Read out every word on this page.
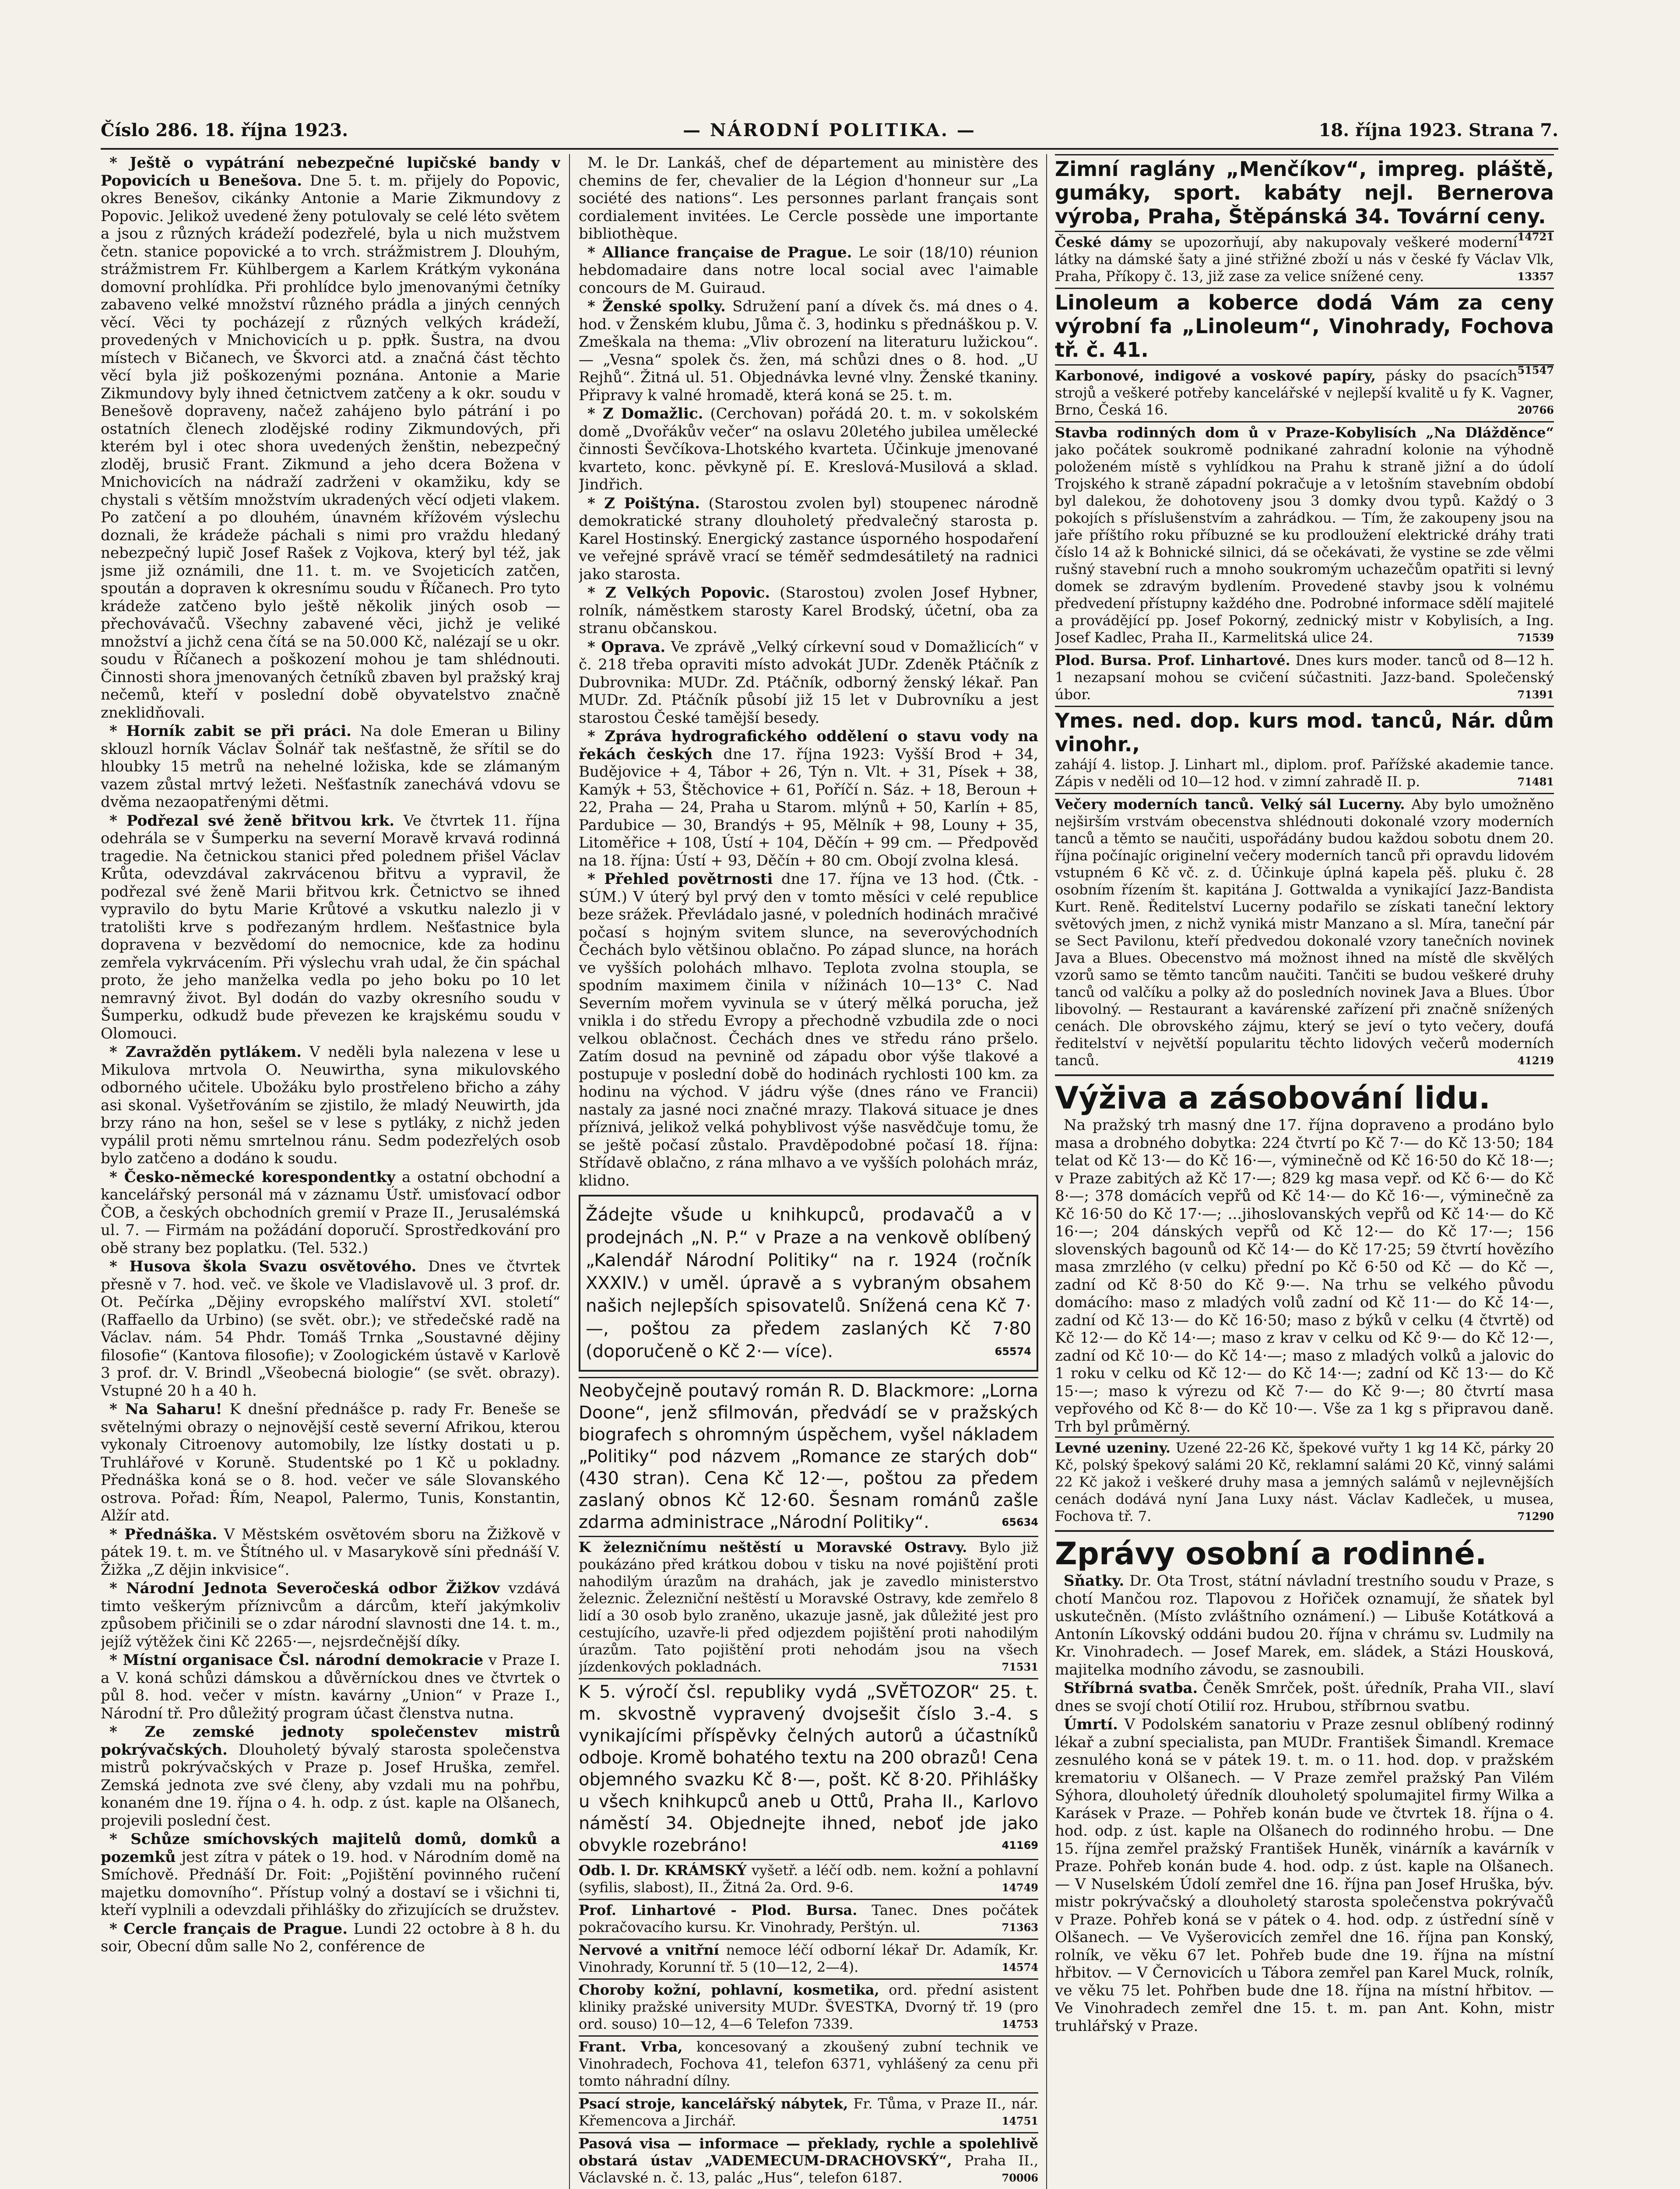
Číslo 286. 18. října 1923.	— NÁRODNÍ POLITIKA. —	18. října 1923. Strana 7.

* Ještě o vypátrání nebezpečné lupičské bandy v Popovicích u Benešova. Dne 5. t. m. přijely do Popovic, okres Benešov, cikánky Antonie a Marie Zikmundovy z Popovic. Jelikož uvedené ženy potulovaly se celé léto světem a jsou z různých krádeží podezřelé, byla u nich mužstvem četn. stanice popovické a to vrch. strážmistrem J. Dlouhým, strážmistrem Fr. Kühlbergem a Karlem Krátkým vykonána domovní prohlídka. Při prohlídce bylo jmenovanými četníky zabaveno velké množství různého prádla a jiných cenných věcí. Věci ty pocházejí z různých velkých krádeží, provedených v Mnichovicích u p. ppłk. Šustra, na dvou místech v Bičanech, ve Škvorci atd. a značná část těchto věcí byla již poškozenými poznána. Antonie a Marie Zikmundovy byly ihned četnictvem zatčeny a k okr. soudu v Benešově dopraveny, načež zahájeno bylo pátrání i po ostatních členech zlodějské rodiny Zikmundových, při kterém byl i otec shora uvedených ženštin, nebezpečný zloděj, brusič Frant. Zikmund a jeho dcera Božena v Mnichovicích na nádraží zadrženi v okamžiku, kdy se chystali s větším množstvím ukradených věcí odjeti vlakem. Po zatčení a po dlouhém, únavném křížovém výslechu doznali, že krádeže páchali s nimi pro vraždu hledaný nebezpečný lupič Josef Rašek z Vojkova, který byl též, jak jsme již oznámili, dne 11. t. m. ve Svojeticích zatčen, spoután a dopraven k okresnímu soudu v Říčanech. Pro tyto krádeže zatčeno bylo ještě několik jiných osob — přechovávačů. Všechny zabavené věci, jichž je veliké množství a jichž cena čítá se na 50.000 Kč, nalézají se u okr. soudu v Říčanech a poškození mohou je tam shlédnouti. Činnosti shora jmenovaných četníků zbaven byl pražský kraj nečemů, kteří v poslední době obyvatelstvo značně zneklidňovali.

* Horník zabit se při práci. Na dole Emeran u Biliny sklouzl horník Václav Šolnář tak nešťastně, že sřítil se do hloubky 15 metrů na nehelné ložiska, kde se zlámaným vazem zůstal mrtvý ležeti. Nešťastník zanechává vdovu se dvěma nezaopatřenými dětmi.

* Podřezal své ženě břitvou krk. Ve čtvrtek 11. října odehrála se v Šumperku na severní Moravě krvavá rodinná tragedie. Na četnickou stanici před polednem přišel Václav Krůta, odevzdával zakrvácenou břitvu a vypravil, že podřezal své ženě Marii břitvou krk. Četnictvo se ihned vypravilo do bytu Marie Krůtové a vskutku nalezlo ji v tratolišti krve s podřezaným hrdlem. Nešťastnice byla dopravena v bezvědomí do nemocnice, kde za hodinu zemřela vykrvácením. Při výslechu vrah udal, že čin spáchal proto, že jeho manželka vedla po jeho boku po 10 let nemravný život. Byl dodán do vazby okresního soudu v Šumperku, odkudž bude převezen ke krajskému soudu v Olomouci.

* Zavražděn pytlákem. V neděli byla nalezena v lese u Mikulova mrtvola O. Neuwirtha, syna mikulovského odborného učitele. Ubožáku bylo prostřeleno břicho a záhy asi skonal. Vyšetřováním se zjistilo, že mladý Neuwirth, jda brzy ráno na hon, sešel se v lese s pytláky, z nichž jeden vypálil proti němu smrtelnou ránu. Sedm podezřelých osob bylo zatčeno a dodáno k soudu.

* Česko-německé korespondentky a ostatní obchodní a kancelářský personál má v záznamu Ústř. umisťovací odbor ČOB, a českých obchodních gremií v Praze II., Jerusalémská ul. 7. — Firmám na požádání doporučí. Sprostředkování pro obě strany bez poplatku. (Tel. 532.)

* Husova škola Svazu osvětového. Dnes ve čtvrtek přesně v 7. hod. več. ve škole ve Vladislavově ul. 3 prof. dr. Ot. Pečírka „Dějiny evropského malířství XVI. století“ (Raffaello da Urbino) (se svět. obr.); ve středečské radě na Václav. nám. 54 Phdr. Tomáš Trnka „Soustavné dějiny filosofie“ (Kantova filosofie); v Zoologickém ústavě v Karlově 3 prof. dr. V. Brindl „Všeobecná biologie“ (se svět. obrazy). Vstupné 20 h a 40 h.

* Na Saharu! K dnešní přednášce p. rady Fr. Beneše se světelnými obrazy o nejnovější cestě severní Afrikou, kterou vykonaly Citroenovy automobily, lze lístky dostati u p. Truhlářové v Koruně. Studentské po 1 Kč u pokladny. Přednáška koná se o 8. hod. večer ve sále Slovanského ostrova. Pořad: Řím, Neapol, Palermo, Tunis, Konstantin, Alžír atd.

* Přednáška. V Městském osvětovém sboru na Žižkově v pátek 19. t. m. ve Štítného ul. v Masarykově síni přednáší V. Žižka „Z dějin inkvisice“.

* Národní Jednota Severočeská odbor Žižkov vzdává timto veškerým příznivcům a dárcům, kteří jakýmkoliv způsobem přičinili se o zdar národní slavnosti dne 14. t. m., jejíž výtěžek čini Kč 2265·—, nejsrdečnější díky.

* Místní organisace Čsl. národní demokracie v Praze I. a V. koná schůzi dámskou a důvěrníckou dnes ve čtvrtek o půl 8. hod. večer v místn. kavárny „Union“ v Praze I., Národní tř. Pro důležitý program účast členstva nutna.

* Ze zemské jednoty společenstev mistrů pokrývačských. Dlouholetý bývalý starosta společenstva mistrů pokrývačských v Praze p. Josef Hruška, zemřel. Zemská jednota zve své členy, aby vzdali mu na pohřbu, konaném dne 19. října o 4. h. odp. z úst. kaple na Olšanech, projevili poslední čest.

* Schůze smíchovských majitelů domů, domků a pozemků jest zítra v pátek o 19. hod. v Národním domě na Smíchově. Přednáší Dr. Foit: „Pojištění povinného ručení majetku domovního“. Přístup volný a dostaví se i všichni ti, kteří vyplnili a odevzdali přihlášky do zřizujících se družstev.

* Cercle français de Prague. Lundi 22 octobre à 8 h. du soir, Obecní dům salle No 2, conférence de

M. le Dr. Lankáš, chef de département au ministère des chemins de fer, chevalier de la Légion d'honneur sur „La société des nations“. Les personnes parlant français sont cordialement invitées. Le Cercle possède une importante bibliothèque.

* Alliance française de Prague. Le soir (18/10) réunion hebdomadaire dans notre local social avec l'aimable concours de M. Guiraud.

* Ženské spolky. Sdružení paní a dívek čs. má dnes o 4. hod. v Ženském klubu, Jůma č. 3, hodinku s přednáškou p. V. Zmeškala na thema: „Vliv obrození na literaturu lužickou“. — „Vesna“ spolek čs. žen, má schůzi dnes o 8. hod. „U Rejhů“. Žitná ul. 51. Objednávka levné vlny. Ženské tkaniny. Připravy k valné hromadě, která koná se 25. t. m.

* Z Domažlic. (Cerchovan) pořádá 20. t. m. v sokolském domě „Dvořákův večer“ na oslavu 20letého jubilea umělecké činnosti Ševčíkova-Lhotského kvarteta. Účinkuje jmenované kvarteto, konc. pěvkyně pí. E. Kreslová-Musilová a sklad. Jindřich.

* Z Poištýna. (Starostou zvolen byl) stoupenec národně demokratické strany dlouholetý předvalečný starosta p. Karel Hostinský. Energický zastance úsporného hospodaření ve veřejné správě vrací se téměř sedmdesátiletý na radnici jako starosta.

* Z Velkých Popovic. (Starostou) zvolen Josef Hybner, rolník, náměstkem starosty Karel Brodský, účetní, oba za stranu občanskou.

* Oprava. Ve zprávě „Velký církevní soud v Domažlicích“ v č. 218 třeba opraviti místo advokát JUDr. Zdeněk Ptáčník z Dubrovnika: MUDr. Zd. Ptáčník, odborný ženský lékař. Pan MUDr. Zd. Ptáčník působí již 15 let v Dubrovníku a jest starostou České tamější besedy.

* Zpráva hydrografického oddělení o stavu vody na řekách českých dne 17. října 1923: Vyšší Brod + 34, Budějovice + 4, Tábor + 26, Týn n. Vlt. + 31, Písek + 38, Kamýk + 53, Štěchovice + 61, Poříčí n. Sáz. + 18, Beroun + 22, Praha — 24, Praha u Starom. mlýnů + 50, Karlín + 85, Pardubice — 30, Brandýs + 95, Mělník + 98, Louny + 35, Litoměřice + 108, Ústí + 104, Děčín + 99 cm. — Předpověď na 18. října: Ústí + 93, Děčín + 80 cm. Obojí zvolna klesá.

* Přehled povětrnosti dne 17. října ve 13 hod. (Čtk. - SÚM.) V úterý byl prvý den v tomto měsíci v celé republice beze srážek. Převládalo jasné, v poledních hodinách mračivé počasí s hojným svitem slunce, na severovýchodních Čechách bylo většinou oblačno. Po západ slunce, na horách ve vyšších polohách mlhavo. Teplota zvolna stoupla, se spodním maximem činila v nížinách 10—13° C. Nad Severním mořem vyvinula se v úterý mělká porucha, jež vnikla i do středu Evropy a přechodně vzbudila zde o noci velkou oblačnost. Čechách dnes ve středu ráno pršelo. Zatím dosud na pevnině od západu obor výše tlakové a postupuje v poslední době do hodinách rychlosti 100 km. za hodinu na východ. V jádru výše (dnes ráno ve Francii) nastaly za jasné noci značné mrazy. Tlaková situace je dnes příznivá, jelikož velká pohyblivost výše nasvědčuje tomu, že se ještě počasí zůstalo. Pravděpodobné počasí 18. října: Střídavě oblačno, z rána mlhavo a ve vyšších polohách mráz, klidno.

Žádejte všude u knihkupců, prodavačů a v prodejnách „N. P.“ v Praze a na venkově oblíbený „Kalendář Národní Politiky“ na r. 1924 (ročník XXXIV.) v uměl. úpravě a s vybraným obsahem našich nejlepších spisovatelů. Snížená cena Kč 7·—, poštou za předem zaslaných Kč 7·80 (doporučeně o Kč 2·— více).	65574
Neobyčejně poutavý román R. D. Blackmore: „Lorna Doone“, jenž sfilmován, předvádí se v pražských biografech s ohromným úspěchem, vyšel nákladem „Politiky“ pod názvem „Romance ze starých dob“ (430 stran). Cena Kč 12·—, poštou za předem zaslaný obnos Kč 12·60. Šesnam románů zašle zdarma administrace „Národní Politiky“.	65634
K železničnímu neštěstí u Moravské Ostravy. Bylo již poukázáno před krátkou dobou v tisku na nové pojištění proti nahodilým úrazům na drahách, jak je zavedlo ministerstvo železnic. Železniční neštěstí u Moravské Ostravy, kde zemřelo 8 lidí a 30 osob bylo zraněno, ukazuje jasně, jak důležité jest pro cestujícího, uzavře-li před odjezdem pojištění proti nahodilým úrazům. Tato pojištění proti nehodám jsou na všech jízdenkových pokladnách.	71531
K 5. výročí čsl. republiky vydá „SVĚTOZOR“ 25. t. m. skvostně vypravený dvojsešit číslo 3.-4. s vynikajícími příspěvky čelných autorů a účastníků odboje. Kromě bohatého textu na 200 obrazů! Cena objemného svazku Kč 8·—, pošt. Kč 8·20. Přihlášky u všech knihkupců aneb u Ottů, Praha II., Karlovo náměstí 34. Objednejte ihned, neboť jde jako obvykle rozebráno!	41169
Odb. l. Dr. KRÁMSKÝ vyšetř. a léčí odb. nem. kožní a pohlavní (syfilis, slabost), II., Žitná 2a. Ord. 9-6.	14749
Prof. Linhartové - Plod. Bursa. Tanec. Dnes počátek pokračovacího kursu. Kr. Vinohrady, Perštýn. ul.	71363
Nervové a vnitřní nemoce léčí odborní lékař Dr. Adamík, Kr. Vinohrady, Korunní tř. 5 (10—12, 2—4).	14574
Choroby kožní, pohlavní, kosmetika, ord. přední asistent kliniky pražské university MUDr. ŠVESTKA, Dvorný tř. 19 (pro ord. souso) 10—12, 4—6 Telefon 7339.	14753
Frant. Vrba, koncesovaný a zkoušený zubní technik ve Vinohradech, Fochova 41, telefon 6371, vyhlášený za cenu při tomto náhradní dílny.
Psací stroje, kancelářský nábytek, Fr. Tůma, v Praze II., nár. Křemencova a Jirchář.	14751
Pasová visa — informace — překlady, rychle a spolehlivě obstará ústav „VADEMECUM-DRACHOVSKÝ“, Praha II., Václavské n. č. 13, palác „Hus“, telefon 6187.	70006
Zimní raglány „Menčíkov“, impreg. pláště, gumáky, sport. kabáty nejl. Bernerova výroba, Praha, Štěpánská 34. Tovární ceny.
14721
České dámy se upozorňují, aby nakupovaly veškeré moderní látky na dámské šaty a jiné střižné zboží u nás v české fy Václav Vlk, Praha, Příkopy č. 13, již zase za velice snížené ceny.	13357
Linoleum a koberce dodá Vám za ceny výrobní fa „Linoleum“, Vinohrady, Fochova tř. č. 41.
51547
Karbonové, indigové a voskové papíry, pásky do psacích strojů a veškeré potřeby kancelářské v nejlepší kvalitě u fy K. Vagner, Brno, Česká 16.	20766
Stavba rodinných dom ů v Praze-Kobylisích „Na Dlážděnce“ jako počátek soukromě podnikané zahradní kolonie na výhodně položeném místě s vyhlídkou na Prahu k straně jižní a do údolí Trojského k straně západní pokračuje a v letošním stavebním období byl dalekou, že dohotoveny jsou 3 domky dvou typů. Každý o 3 pokojích s příslušenstvím a zahrádkou. — Tím, že zakoupeny jsou na jaře příštího roku příbuzné se ku prodloužení elektrické dráhy trati číslo 14 až k Bohnické silnici, dá se očekávati, že vystine se zde vělmi rušný stavební ruch a mnoho soukromým uchazečům opatřiti si levný domek se zdravým bydlením. Provedené stavby jsou k volnému předvedení přístupny každého dne. Podrobné informace sdělí majitelé a provádějící pp. Josef Pokorný, zednický mistr v Kobylisích, a Ing. Josef Kadlec, Praha II., Karmelitská ulice 24.	71539
Plod. Bursa. Prof. Linhartové. Dnes kurs moder. tanců od 8—12 h. 1 nezapsaní mohou se cvičení súčastniti. Jazz-band. Společenský úbor.	71391
Ymes. ned. dop. kurs mod. tanců, Nár. dům vinohr.,
zahájí 4. listop. J. Linhart ml., diplom. prof. Pařížské akademie tance. Zápis v neděli od 10—12 hod. v zimní zahradě II. p.	71481
Večery moderních tanců. Velký sál Lucerny. Aby bylo umožněno nejširším vrstvám obecenstva shlédnouti dokonalé vzory moderních tanců a těmto se naučiti, uspořádány budou každou sobotu dnem 20. října počínajíc originelní večery moderních tanců při opravdu lidovém vstupném 6 Kč vč. z. d. Účinkuje úplná kapela pěš. pluku č. 28 osobním řízením št. kapitána J. Gottwalda a vynikající Jazz-Bandista Kurt. Reně. Ředitelství Lucerny podařilo se získati taneční lektory světových jmen, z nichž vyniká mistr Manzano a sl. Míra, taneční pár se Sect Pavilonu, kteří předvedou dokonalé vzory tanečních novinek Java a Blues. Obecenstvo má možnost ihned na místě dle skvělých vzorů samo se těmto tancům naučiti. Tančiti se budou veškeré druhy tanců od valčíku a polky až do posledních novinek Java a Blues. Úbor libovolný. — Restaurant a kavárenské zařízení při značně snížených cenách. Dle obrovského zájmu, který se jeví o tyto večery, doufá ředitelství v největší popularitu těchto lidových večerů moderních tanců.	41219
Výživa a zásobování lidu.
Na pražský trh masný dne 17. října dopraveno a prodáno bylo masa a drobného dobytka: 224 čtvrtí po Kč 7·— do Kč 13·50; 184 telat od Kč 13·— do Kč 16·—, výminečně od Kč 16·50 do Kč 18·—; v Praze zabitých až Kč 17·—; 829 kg masa vepř. od Kč 6·— do Kč 8·—; 378 domácích vepřů od Kč 14·— do Kč 16·—, výminečně za Kč 16·50 do Kč 17·—; ...jihoslovanských vepřů od Kč 14·— do Kč 16·—; 204 dánských vepřů od Kč 12·— do Kč 17·—; 156 slovenských bagounů od Kč 14·— do Kč 17·25; 59 čtvrtí hovězího masa zmrzlého (v celku) přední po Kč 6·50 od Kč — do Kč —, zadní od Kč 8·50 do Kč 9·—. Na trhu se velkého původu domácího: maso z mladých volů zadní od Kč 11·— do Kč 14·—, zadní od Kč 13·— do Kč 16·50; maso z býků v celku (4 čtvrtě) od Kč 12·— do Kč 14·—; maso z krav v celku od Kč 9·— do Kč 12·—, zadní od Kč 10·— do Kč 14·—; maso z mladých volků a jalovic do 1 roku v celku od Kč 12·— do Kč 14·—; zadní od Kč 13·— do Kč 15·—; maso k výrezu od Kč 7·— do Kč 9·—; 80 čtvrtí masa vepřového od Kč 8·— do Kč 10·—. Vše za 1 kg s připravou daně. Trh byl průměrný.
Levné uzeniny. Uzené 22-26 Kč, špekové vuřty 1 kg 14 Kč, párky 20 Kč, polský špekový salámi 20 Kč, reklamní salámi 20 Kč, vinný salámi 22 Kč jakož i veškeré druhy masa a jemných salámů v nejlevnějších cenách dodává nyní Jana Luxy nást. Václav Kadleček, u musea, Fochova tř. 7.	71290
Zprávy osobní a rodinné.

Sňatky. Dr. Ota Trost, státní návladní trestního soudu v Praze, s chotí Mančou roz. Tlapovou z Hořiček oznamují, že sňatek byl uskutečněn. (Místo zvláštního oznámení.) — Libuše Kotátková a Antonín Líkovský oddáni budou 20. října v chrámu sv. Ludmily na Kr. Vinohradech. — Josef Marek, em. sládek, a Stázi Housková, majitelka modního závodu, se zasnoubili.

Stříbrná svatba. Čeněk Smrček, pošt. úředník, Praha VII., slaví dnes se svojí chotí Otilií roz. Hrubou, stříbrnou svatbu.

Úmrtí. V Podolském sanatoriu v Praze zesnul oblíbený rodinný lékař a zubní specialista, pan MUDr. František Šimandl. Kremace zesnulého koná se v pátek 19. t. m. o 11. hod. dop. v pražském krematoriu v Olšanech. — V Praze zemřel pražský Pan Vilém Sýhora, dlouholetý úředník dlouholetý spolumajitel firmy Wilka a Karásek v Praze. — Pohřeb konán bude ve čtvrtek 18. října o 4. hod. odp. z úst. kaple na Olšanech do rodinného hrobu. — Dne 15. října zemřel pražský František Huněk, vinárník a kavárník v Praze. Pohřeb konán bude 4. hod. odp. z úst. kaple na Olšanech. — V Nuselském Údolí zemřel dne 16. října pan Josef Hruška, býv. mistr pokrývačský a dlouholetý starosta společenstva pokrývačů v Praze. Pohřeb koná se v pátek o 4. hod. odp. z ústřední síně v Olšanech. — Ve Vyšerovicích zemřel dne 16. října pan Konský, rolník, ve věku 67 let. Pohřeb bude dne 19. října na místní hřbitov. — V Černovicích u Tábora zemřel pan Karel Muck, rolník, ve věku 75 let. Pohřben bude dne 18. října na místní hřbitov. — Ve Vinohradech zemřel dne 15. t. m. pan Ant. Kohn, mistr truhlářský v Praze.
